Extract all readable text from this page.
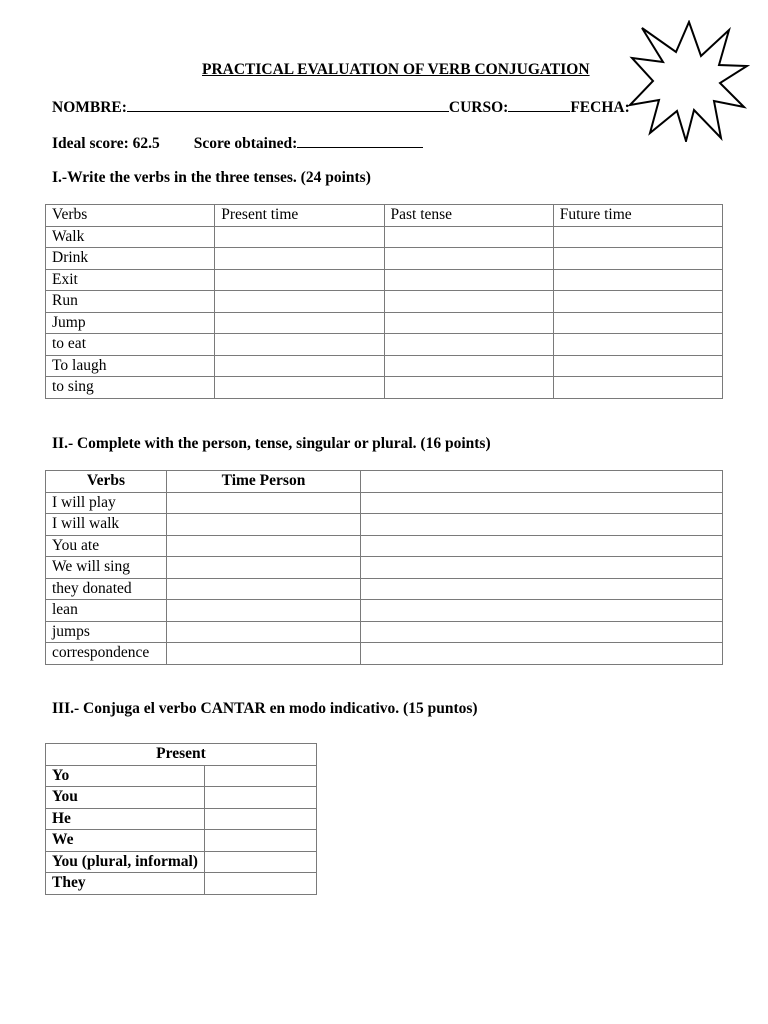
PRACTICAL EVALUATION OF VERB CONJUGATION
NOMBRE:	CURSO:	FECHA:
Ideal score: 62.5 Score obtained:
I.-Write the verbs in the three tenses. (24 points)
Verbs	Present time	Past tense	Future time
Walk			
Drink			
Exit			
Run			
Jump			
to eat			
To laugh			
to sing			
II.- Complete with the person, tense, singular or plural. (16 points)
Verbs	Time Person	
I will play		
I will walk		
You ate		
We will sing		
they donated		
lean		
jumps		
correspondence		
III.- Conjuga el verbo CANTAR en modo indicativo. (15 puntos)
Present	
Yo	
You	
He	
We	
You (plural, informal)	
They	
